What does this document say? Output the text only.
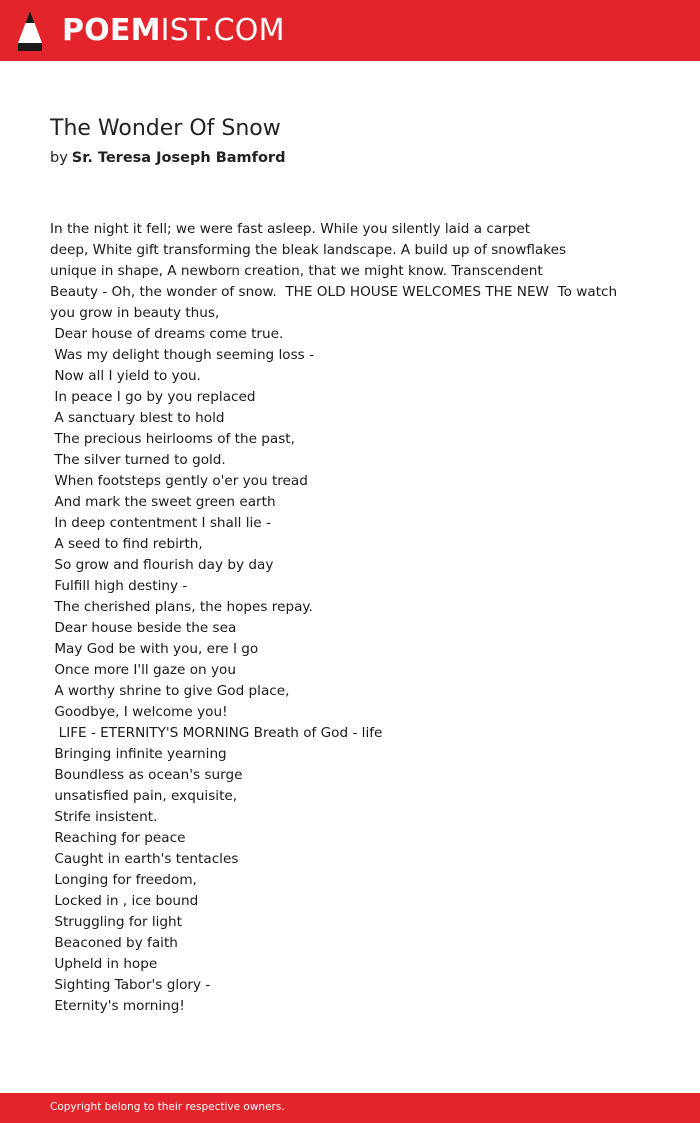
POEMIST.COM
The Wonder Of Snow
by Sr. Teresa Joseph Bamford
In the night it fell; we were fast asleep. While you silently laid a carpet
deep, White gift transforming the bleak landscape. A build up of snowflakes
unique in shape, A newborn creation, that we might know. Transcendent
Beauty - Oh, the wonder of snow.  THE OLD HOUSE WELCOMES THE NEW  To watch
you grow in beauty thus,
Dear house of dreams come true.
Was my delight though seeming loss -
Now all I yield to you.
In peace I go by you replaced
A sanctuary blest to hold
The precious heirlooms of the past,
The silver turned to gold.
When footsteps gently o'er you tread
And mark the sweet green earth
In deep contentment I shall lie -
A seed to find rebirth,
So grow and flourish day by day
Fulfill high destiny -
The cherished plans, the hopes repay.
Dear house beside the sea
May God be with you, ere I go
Once more I'll gaze on you
A worthy shrine to give God place,
Goodbye, I welcome you!
LIFE - ETERNITY'S MORNING Breath of God - life
Bringing infinite yearning
Boundless as ocean's surge
unsatisfied pain, exquisite,
Strife insistent.
Reaching for peace
Caught in earth's tentacles
Longing for freedom,
Locked in , ice bound
Struggling for light
Beaconed by faith
Upheld in hope
Sighting Tabor's glory -
Eternity's morning!
Copyright belong to their respective owners.
